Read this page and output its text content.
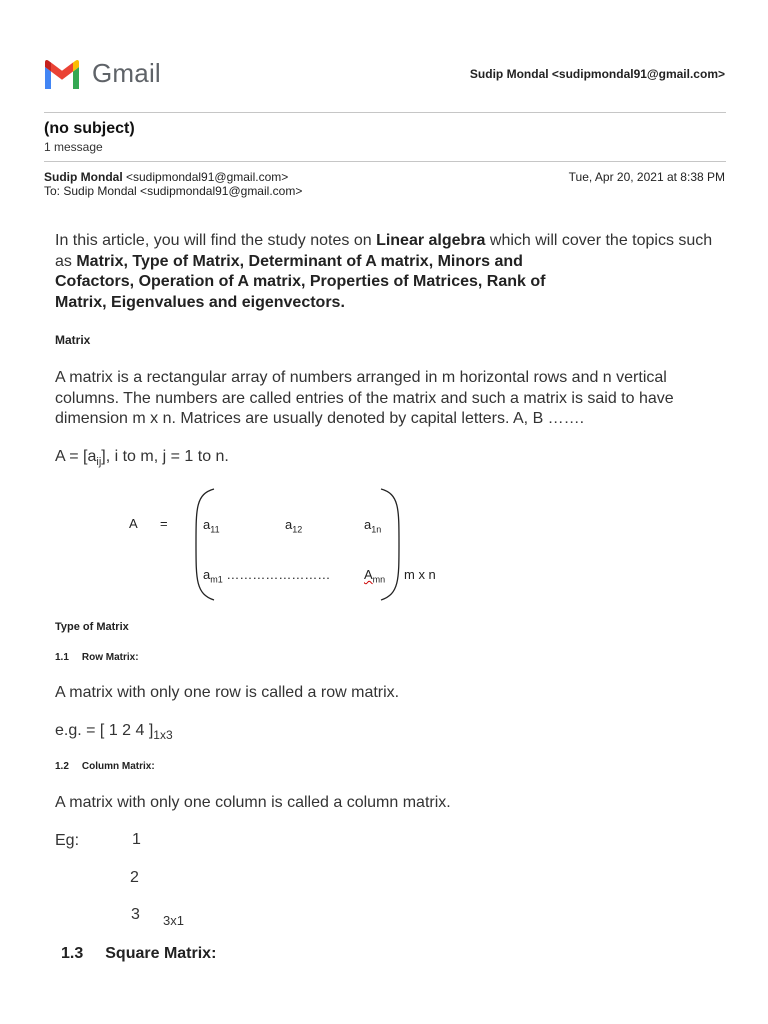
Gmail	Sudip Mondal <sudipmondal91@gmail.com>
(no subject)
1 message
Sudip Mondal <sudipmondal91@gmail.com>
To: Sudip Mondal <sudipmondal91@gmail.com>
Tue, Apr 20, 2021 at 8:38 PM
In this article, you will find the study notes on Linear algebra which will cover the topics such as Matrix, Type of Matrix, Determinant of A matrix, Minors and
Cofactors, Operation of A matrix, Properties of Matrices, Rank of
Matrix, Eigenvalues and eigenvectors.
Matrix
A matrix is a rectangular array of numbers arranged in m horizontal rows and n vertical columns. The numbers are called entries of the matrix and such a matrix is said to have dimension m x n. Matrices are usually denoted by capital letters. A, B …….
$A = [a_{ij}]$, i to m, j = 1 to n.
A =	$a_{11}$	$a_{12}$	$a_{1n}$
$a_{m1}$ ……………………	$A_{mn}$ m x n
Type of Matrix
1.1 Row Matrix:
A matrix with only one row is called a row matrix.
e.g. = [ 1 2 4 ]$_{1x3}$
1.2 Column Matrix:
A matrix with only one column is called a column matrix.
Eg:	1
2
3 3x1
1.3 Square Matrix:
